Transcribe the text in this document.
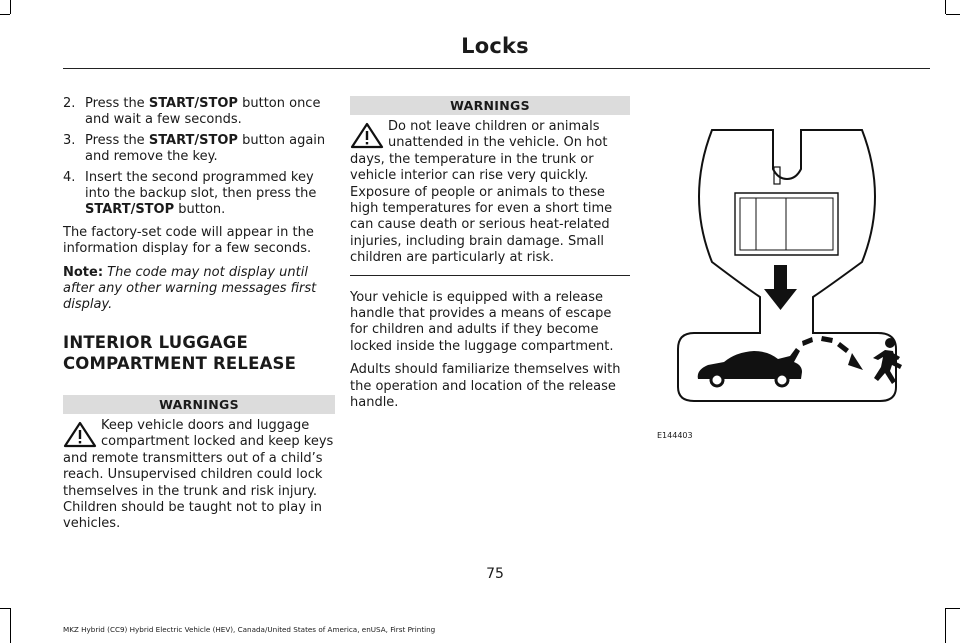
Locks
2. Press the START/STOP button once and wait a few seconds.
3. Press the START/STOP button again and remove the key.
4. Insert the second programmed key into the backup slot, then press the START/STOP button.

The factory-set code will appear in the information display for a few seconds.

Note: The code may not display until after any other warning messages first display.

INTERIOR LUGGAGE
COMPARTMENT RELEASE
WARNINGS
Keep vehicle doors and luggage compartment locked and keep keys and remote transmitters out of a child’s reach. Unsupervised children could lock themselves in the trunk and risk injury. Children should be taught not to play in vehicles.
WARNINGS
Do not leave children or animals unattended in the vehicle. On hot days, the temperature in the trunk or vehicle interior can rise very quickly. Exposure of people or animals to these high temperatures for even a short time can cause death or serious heat-related injuries, including brain damage. Small children are particularly at risk.

Your vehicle is equipped with a release handle that provides a means of escape for children and adults if they become locked inside the luggage compartment.

Adults should familiarize themselves with the operation and location of the release handle.

E144403
75
MKZ Hybrid (CC9) Hybrid Electric Vehicle (HEV), Canada/United States of America, enUSA, First Printing
